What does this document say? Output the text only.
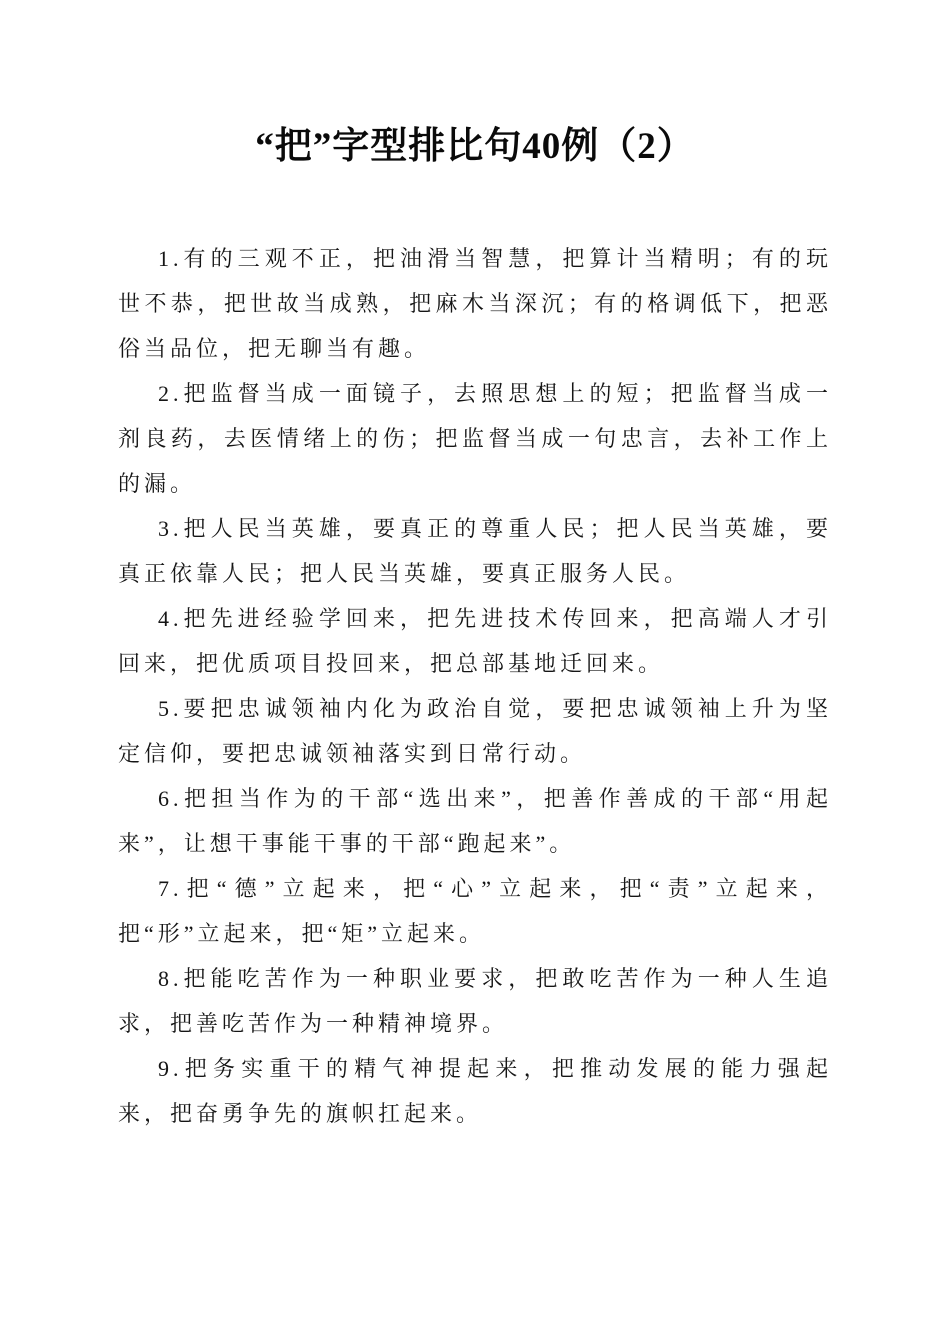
“把”字型排比句40例（2）

1.有的三观不正，把油滑当智慧，把算计当精明；有的玩世不恭，把世故当成熟，把麻木当深沉；有的格调低下，把恶俗当品位，把无聊当有趣。

2.把监督当成一面镜子，去照思想上的短；把监督当成一剂良药，去医情绪上的伤；把监督当成一句忠言，去补工作上的漏。

3.把人民当英雄，要真正的尊重人民；把人民当英雄，要真正依靠人民；把人民当英雄，要真正服务人民。

4.把先进经验学回来，把先进技术传回来，把高端人才引回来，把优质项目投回来，把总部基地迁回来。

5.要把忠诚领袖内化为政治自觉，要把忠诚领袖上升为坚定信仰，要把忠诚领袖落实到日常行动。

6.把担当作为的干部“选出来”，把善作善成的干部“用起来”，让想干事能干事的干部“跑起来”。

7.把“德”立起来，把“心”立起来，把“责”立起来，把“形”立起来，把“矩”立起来。

8.把能吃苦作为一种职业要求，把敢吃苦作为一种人生追求，把善吃苦作为一种精神境界。

9.把务实重干的精气神提起来，把推动发展的能力强起来，把奋勇争先的旗帜扛起来。
